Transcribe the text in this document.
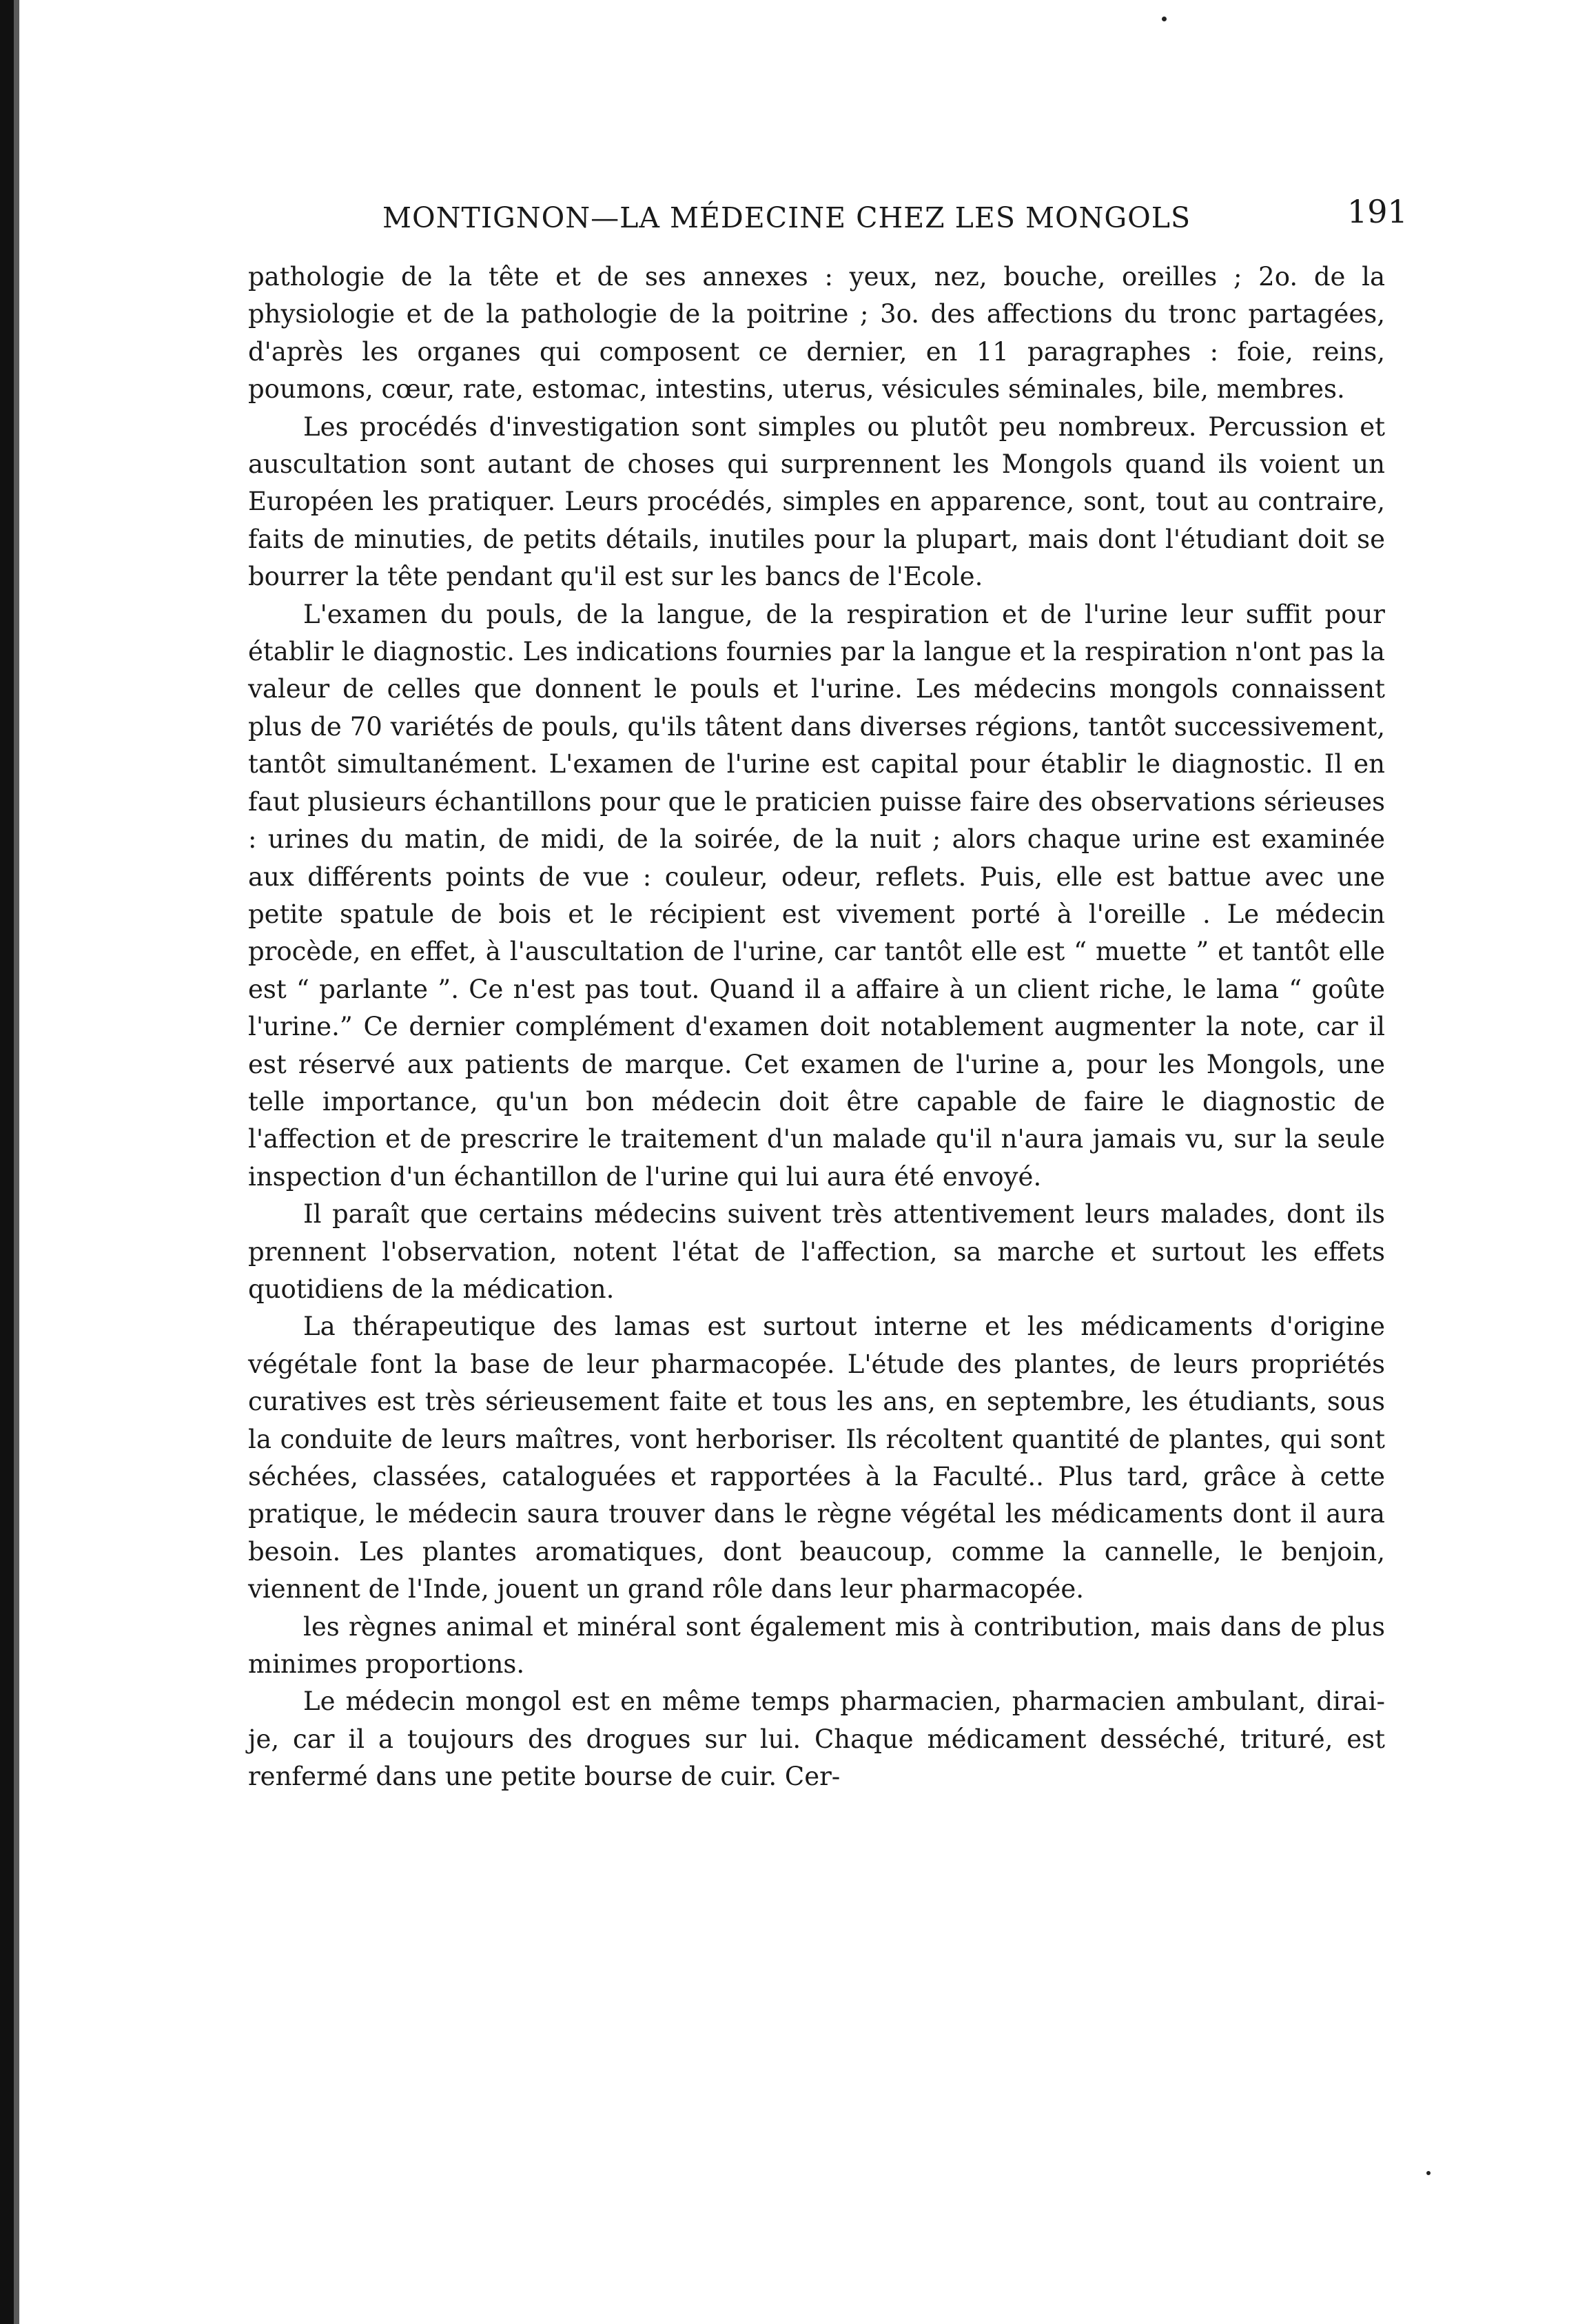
MONTIGNON—LA MÉDECINE CHEZ LES MONGOLS	191

pathologie de la tête et de ses annexes : yeux, nez, bouche, oreilles ; 2o. de la physiologie et de la pathologie de la poitrine ; 3o. des affections du tronc partagées, d'après les organes qui composent ce dernier, en 11 paragraphes : foie, reins, poumons, cœur, rate, estomac, intestins, uterus, vésicules séminales, bile, membres.

Les procédés d'investigation sont simples ou plutôt peu nombreux. Percussion et auscultation sont autant de choses qui surprennent les Mongols quand ils voient un Européen les pratiquer. Leurs procédés, simples en apparence, sont, tout au contraire, faits de minuties, de petits détails, inutiles pour la plupart, mais dont l'étudiant doit se bourrer la tête pendant qu'il est sur les bancs de l'Ecole.

L'examen du pouls, de la langue, de la respiration et de l'urine leur suffit pour établir le diagnostic. Les indications fournies par la langue et la respiration n'ont pas la valeur de celles que donnent le pouls et l'urine. Les médecins mongols connaissent plus de 70 variétés de pouls, qu'ils tâtent dans diverses régions, tantôt successivement, tantôt simultanément. L'examen de l'urine est capital pour établir le diagnostic. Il en faut plusieurs échantillons pour que le praticien puisse faire des observations sérieuses : urines du matin, de midi, de la soirée, de la nuit ; alors chaque urine est examinée aux différents points de vue : couleur, odeur, reflets. Puis, elle est battue avec une petite spatule de bois et le récipient est vivement porté à l'oreille . Le médecin procède, en effet, à l'auscultation de l'urine, car tantôt elle est “ muette ” et tantôt elle est “ parlante ”. Ce n'est pas tout. Quand il a affaire à un client riche, le lama “ goûte l'urine.” Ce dernier complément d'examen doit notablement augmenter la note, car il est réservé aux patients de marque. Cet examen de l'urine a, pour les Mongols, une telle importance, qu'un bon médecin doit être capable de faire le diagnostic de l'affection et de prescrire le traitement d'un malade qu'il n'aura jamais vu, sur la seule inspection d'un échantillon de l'urine qui lui aura été envoyé.

Il paraît que certains médecins suivent très attentivement leurs malades, dont ils prennent l'observation, notent l'état de l'affection, sa marche et surtout les effets quotidiens de la médication.

La thérapeutique des lamas est surtout interne et les médicaments d'origine végétale font la base de leur pharmacopée. L'étude des plantes, de leurs propriétés curatives est très sérieusement faite et tous les ans, en septembre, les étudiants, sous la conduite de leurs maîtres, vont herboriser. Ils récoltent quantité de plantes, qui sont séchées, classées, cataloguées et rapportées à la Faculté.. Plus tard, grâce à cette pratique, le médecin saura trouver dans le règne végétal les médicaments dont il aura besoin. Les plantes aromatiques, dont beaucoup, comme la cannelle, le benjoin, viennent de l'Inde, jouent un grand rôle dans leur pharmacopée.

les règnes animal et minéral sont également mis à contribution, mais dans de plus minimes proportions.

Le médecin mongol est en même temps pharmacien, pharmacien ambulant, dirai-je, car il a toujours des drogues sur lui. Chaque médicament desséché, trituré, est renfermé dans une petite bourse de cuir. Cer-
